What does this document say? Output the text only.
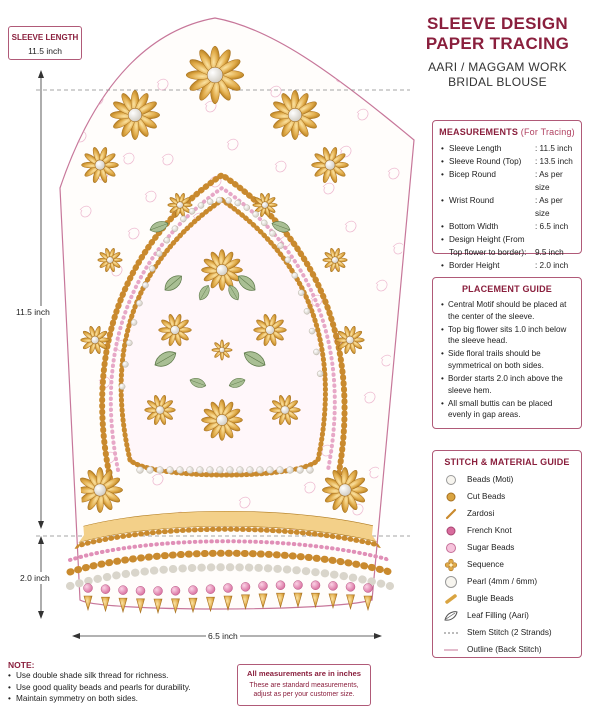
11.5 inch
2.0 inch
6.5 inch
SLEEVE LENGTH
11.5 inch
SLEEVE DESIGN
PAPER TRACING
AARI / MAGGAM WORK
BRIDAL BLOUSE
MEASUREMENTS (For Tracing)
• Sleeve Length	: 11.5 inch
• Sleeve Round (Top)	: 13.5 inch
• Bicep Round	: As per size
• Wrist Round	: As per size
• Bottom Width	: 6.5 inch
• Design Height (From
Top flower to border):	9.5 inch
• Border Height	: 2.0 inch
PLACEMENT GUIDE
• Central Motif should be placed at the center of the sleeve.
• Top big flower sits 1.0 inch below the sleeve head.
• Side floral trails should be symmetrical on both sides.
• Border starts 2.0 inch above the sleeve hem.
• All small buttis can be placed evenly in gap areas.
STITCH & MATERIAL GUIDE
Beads (Moti)
Cut Beads
Zardosi
French Knot
Sugar Beads
Sequence
Pearl (4mm / 6mm)
Bugle Beads
Leaf Filling (Aari)
Stem Stitch (2 Strands)
Outline (Back Stitch)
NOTE:
• Use double shade silk thread for richness.
• Use good quality beads and pearls for durability.
• Maintain symmetry on both sides.
All measurements are in inches
These are standard measurements,
adjust as per your customer size.
